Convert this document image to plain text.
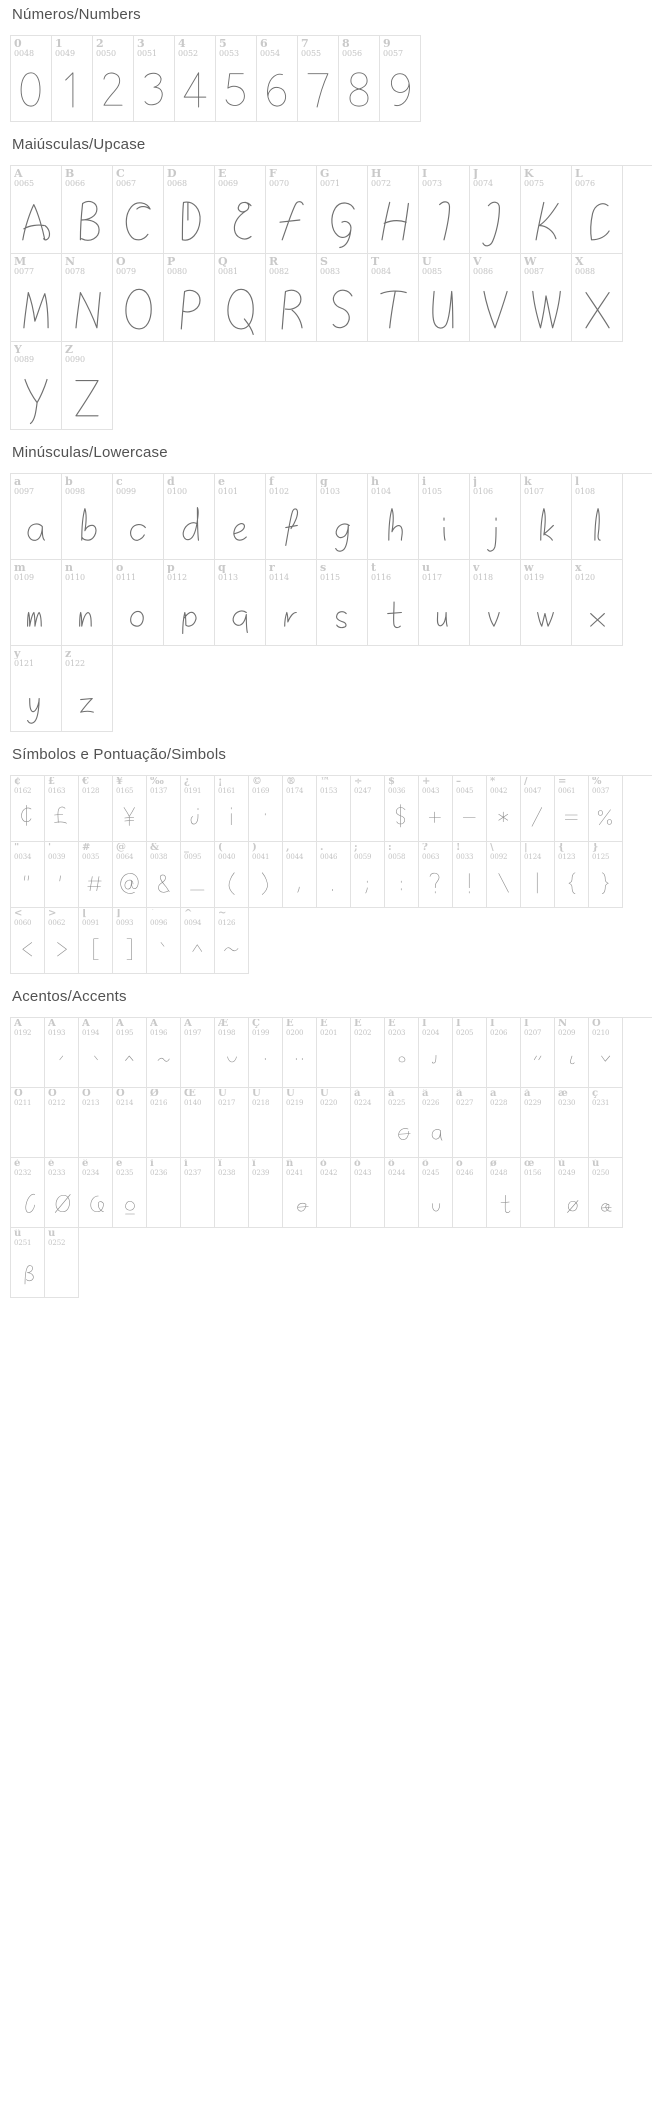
Números/Numbers
0
0048
1
0049
2
0050
3
0051
4
0052
5
0053
6
0054
7
0055
8
0056
9
0057
Maiúsculas/Upcase
A
0065
B
0066
C
0067
D
0068
E
0069
F
0070
G
0071
H
0072
I
0073
J
0074
K
0075
L
0076
M
0077
N
0078
O
0079
P
0080
Q
0081
R
0082
S
0083
T
0084
U
0085
V
0086
W
0087
X
0088
Y
0089
Z
0090
Minúsculas/Lowercase
a
0097
b
0098
c
0099
d
0100
e
0101
f
0102
g
0103
h
0104
i
0105
j
0106
k
0107
l
0108
m
0109
n
0110
o
0111
p
0112
q
0113
r
0114
s
0115
t
0116
u
0117
v
0118
w
0119
x
0120
y
0121
z
0122
Símbolos e Pontuação/Simbols
¢
0162
£
0163
€
0128
¥
0165
‰
0137
¿
0191
¡
0161
©
0169
®
0174
™
0153
÷
0247
$
0036
+
0043
–
0045
*
0042
/
0047
=
0061
%
0037
"
0034
'
0039
#
0035
@
0064
&
0038
_
0095
(
0040
)
0041
,
0044
.
0046
;
0059
:
0058
?
0063
!
0033
\
0092
|
0124
{
0123
}
0125
<
0060
>
0062
[
0091
]
0093
`
0096
^
0094
~
0126
Acentos/Accents
À
0192
Á
0193
Â
0194
Ã
0195
Ä
0196
Å
0197
Æ
0198
Ç
0199
È
0200
É
0201
Ê
0202
Ë
0203
Ì
0204
Í
0205
Î
0206
Ï
0207
Ñ
0209
Ò
0210
Ó
0211
Ô
0212
Ö
0213
Ö
0214
Ø
0216
Œ
0140
Ù
0217
Ú
0218
Û
0219
Ü
0220
à
0224
á
0225
â
0226
ã
0227
ä
0228
å
0229
æ
0230
ç
0231
è
0232
é
0233
ê
0234
ë
0235
ì
0236
í
0237
î
0238
ï
0239
ñ
0241
ò
0242
ó
0243
ô
0244
õ
0245
ö
0246
ø
0248
œ
0156
ù
0249
ú
0250
û
0251
ü
0252
